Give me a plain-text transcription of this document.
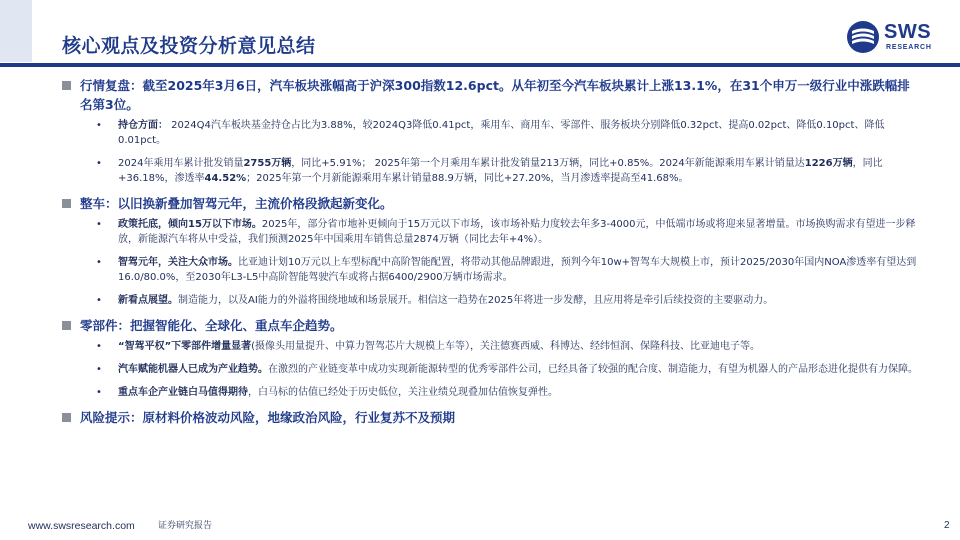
核心观点及投资分析意见总结
SWS
RESEARCH
行情复盘：截至2025年3月6日，汽车板块涨幅高于沪深300指数12.6pct。从年初至今汽车板块累计上涨13.1%，在31个申万一级行业中涨跌幅排名第3位。
• 持仓方面： 2024Q4汽车板块基金持仓占比为3.88%，较2024Q3降低0.41pct，乘用车、商用车、零部件、服务板块分别降低0.32pct、提高0.02pct、降低0.10pct、降低0.01pct。
• 2024年乘用车累计批发销量2755万辆，同比+5.91%； 2025年第一个月乘用车累计批发销量213万辆，同比+0.85%。2024年新能源乘用车累计销量达1226万辆，同比+36.18%，渗透率44.52%；2025年第一个月新能源乘用车累计销量88.9万辆，同比+27.20%，当月渗透率提高至41.68%。
整车：以旧换新叠加智驾元年，主流价格段掀起新变化。
• 政策托底，倾向15万以下市场。2025年，部分省市地补更倾向于15万元以下市场，该市场补贴力度较去年多3-4000元，中低端市场或将迎来显著增量。市场换购需求有望进一步释放，新能源汽车将从中受益，我们预测2025年中国乘用车销售总量2874万辆（同比去年+4%）。
• 智驾元年，关注大众市场。比亚迪计划10万元以上车型标配中高阶智能配置，将带动其他品牌跟进，预判今年10w+智驾车大规模上市，预计2025/2030年国内NOA渗透率有望达到16.0/80.0%，至2030年L3-L5中高阶智能驾驶汽车或将占据6400/2900万辆市场需求。
• 新看点展望。制造能力，以及AI能力的外溢将围绕地域和场景展开。相信这一趋势在2025年将进一步发酵，且应用将是牵引后续投资的主要驱动力。
零部件：把握智能化、全球化、重点车企趋势。
• “智驾平权”下零部件增量显著(摄像头用量提升、中算力智驾芯片大规模上车等），关注德赛西威、科博达、经纬恒润、保隆科技、比亚迪电子等。
• 汽车赋能机器人已成为产业趋势。在激烈的产业链变革中成功实现新能源转型的优秀零部件公司，已经具备了较强的配合度、制造能力，有望为机器人的产品形态进化提供有力保障。
• 重点车企产业链白马值得期待，白马标的估值已经处于历史低位，关注业绩兑现叠加估值恢复弹性。
风险提示：原材料价格波动风险，地缘政治风险，行业复苏不及预期
www.swsresearch.com	证券研究报告	2
